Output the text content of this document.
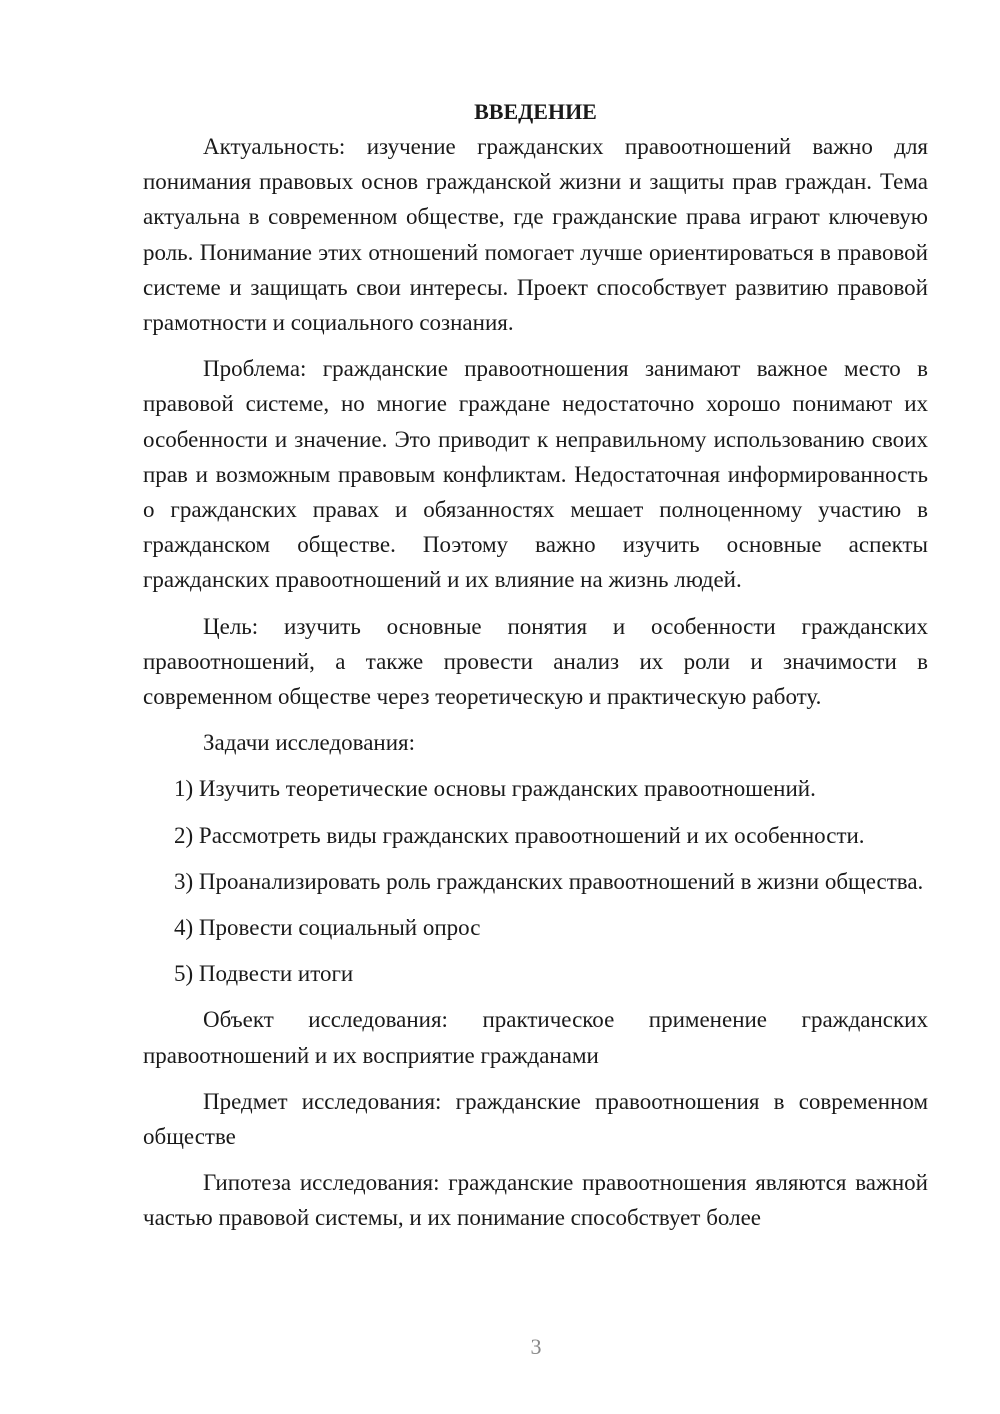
ВВЕДЕНИЕ

Актуальность: изучение гражданских правоотношений важно для понимания правовых основ гражданской жизни и защиты прав граждан. Тема актуальна в современном обществе, где гражданские права играют ключевую роль. Понимание этих отношений помогает лучше ориентироваться в правовой системе и защищать свои интересы. Проект способствует развитию правовой грамотности и социального сознания.

Проблема: гражданские правоотношения занимают важное место в правовой системе, но многие граждане недостаточно хорошо понимают их особенности и значение. Это приводит к неправильному использованию своих прав и возможным правовым конфликтам. Недостаточная информированность о гражданских правах и обязанностях мешает полноценному участию в гражданском обществе. Поэтому важно изучить основные аспекты гражданских правоотношений и их влияние на жизнь людей.

Цель: изучить основные понятия и особенности гражданских правоотношений, а также провести анализ их роли и значимости в современном обществе через теоретическую и практическую работу.

Задачи исследования:

1) Изучить теоретические основы гражданских правоотношений.

2) Рассмотреть виды гражданских правоотношений и их особенности.

3) Проанализировать роль гражданских правоотношений в жизни общества.

4) Провести социальный опрос

5) Подвести итоги

Объект исследования: практическое применение гражданских правоотношений и их восприятие гражданами

Предмет исследования: гражданские правоотношения в современном обществе

Гипотеза исследования: гражданские правоотношения являются важной частью правовой системы, и их понимание способствует более

3
